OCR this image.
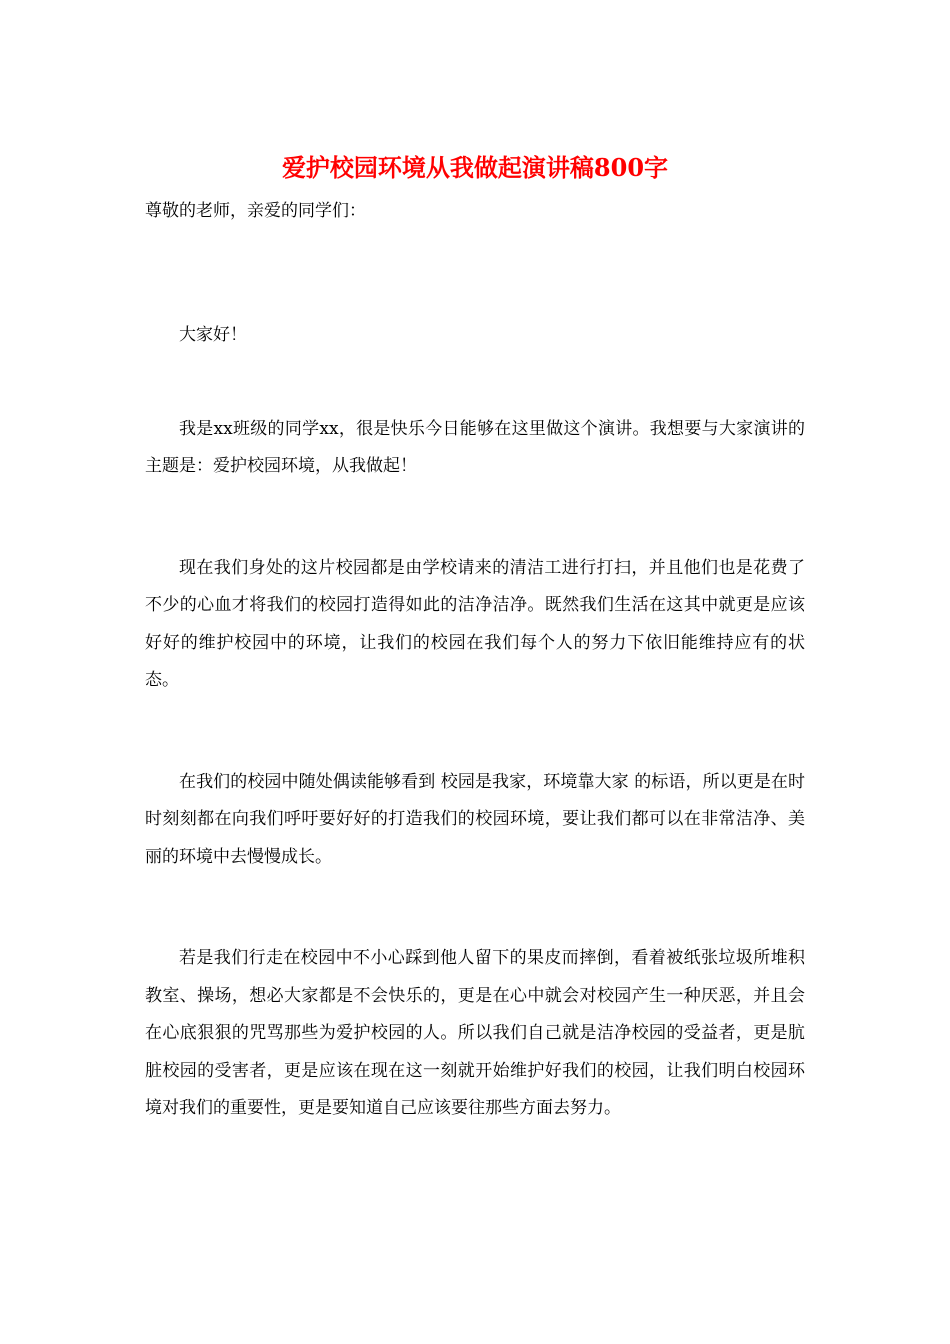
爱护校园环境从我做起演讲稿800字

尊敬的老师，亲爱的同学们：

大家好！

我是xx班级的同学xx，很是快乐今日能够在这里做这个演讲。我想要与大家演讲的主题是：爱护校园环境，从我做起！

现在我们身处的这片校园都是由学校请来的清洁工进行打扫，并且他们也是花费了不少的心血才将我们的校园打造得如此的洁净洁净。既然我们生活在这其中就更是应该好好的维护校园中的环境，让我们的校园在我们每个人的努力下依旧能维持应有的状态。

在我们的校园中随处偶读能够看到 校园是我家，环境靠大家 的标语，所以更是在时时刻刻都在向我们呼吁要好好的打造我们的校园环境，要让我们都可以在非常洁净、美丽的环境中去慢慢成长。

若是我们行走在校园中不小心踩到他人留下的果皮而摔倒，看着被纸张垃圾所堆积教室、操场，想必大家都是不会快乐的，更是在心中就会对校园产生一种厌恶，并且会在心底狠狠的咒骂那些为爱护校园的人。所以我们自己就是洁净校园的受益者，更是肮脏校园的受害者，更是应该在现在这一刻就开始维护好我们的校园，让我们明白校园环境对我们的重要性，更是要知道自己应该要往那些方面去努力。
